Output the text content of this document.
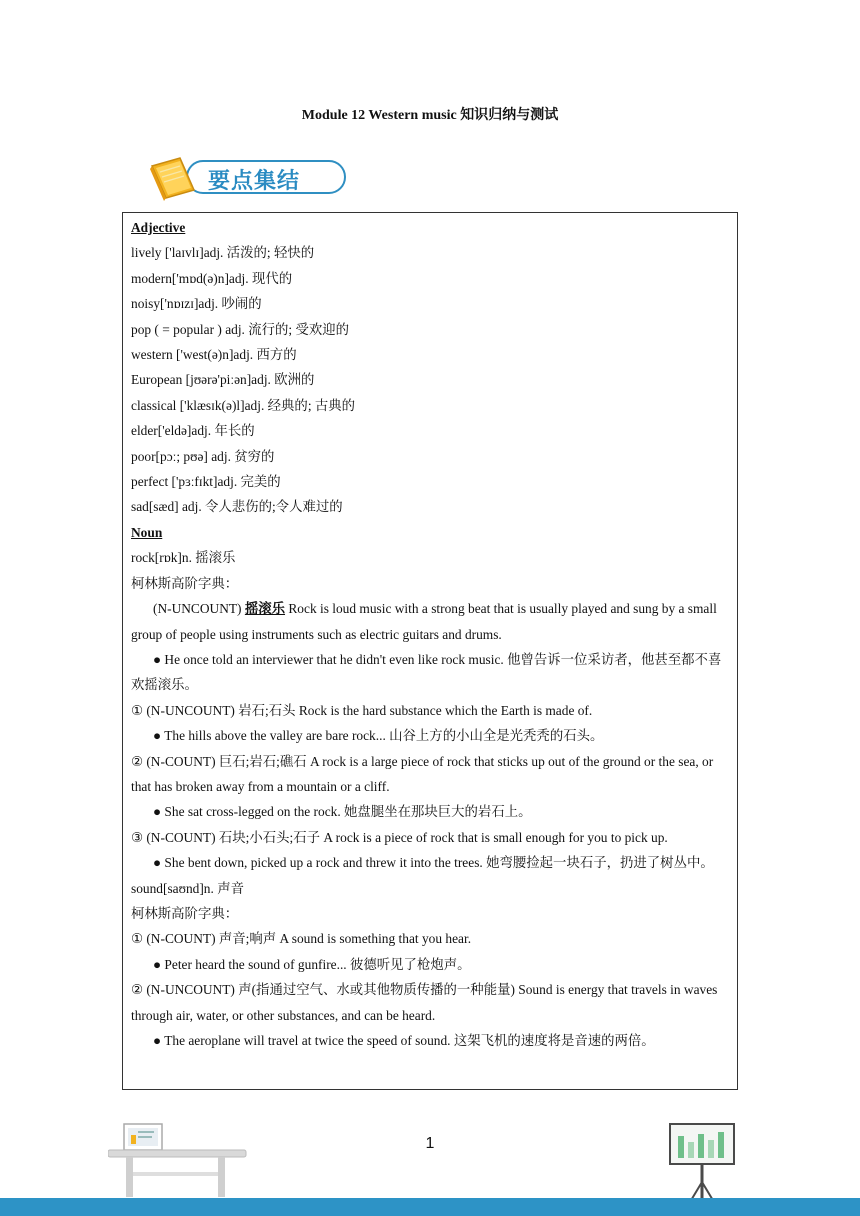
Module 12 Western music 知识归纳与测试
要点集结

Adjective

lively ['laɪvlɪ]adj. 活泼的; 轻快的

modern['mɒd(ə)n]adj. 现代的

noisy['nɒɪzɪ]adj. 吵闹的

pop ( = popular ) adj. 流行的; 受欢迎的

western ['west(ə)n]adj. 西方的

European [jʊərə'piːən]adj. 欧洲的

classical ['klæsɪk(ə)l]adj. 经典的; 古典的

elder['eldə]adj. 年长的

poor[pɔː; pʊə] adj. 贫穷的

perfect ['pɜːfɪkt]adj. 完美的

sad[sæd] adj. 令人悲伤的;令人难过的

Noun

rock[rɒk]n. 摇滚乐

柯林斯高阶字典：

(N-UNCOUNT) 摇滚乐 Rock is loud music with a strong beat that is usually played and sung by a small group of people using instruments such as electric guitars and drums.

● He once told an interviewer that he didn't even like rock music. 他曾告诉一位采访者，他甚至都不喜欢摇滚乐。

① (N-UNCOUNT) 岩石;石头 Rock is the hard substance which the Earth is made of.

● The hills above the valley are bare rock... 山谷上方的小山全是光秃秃的石头。

② (N-COUNT) 巨石;岩石;礁石 A rock is a large piece of rock that sticks up out of the ground or the sea, or that has broken away from a mountain or a cliff.

● She sat cross-legged on the rock. 她盘腿坐在那块巨大的岩石上。

③ (N-COUNT) 石块;小石头;石子 A rock is a piece of rock that is small enough for you to pick up.

● She bent down, picked up a rock and threw it into the trees. 她弯腰捡起一块石子，扔进了树丛中。

sound[saʊnd]n. 声音

柯林斯高阶字典：

① (N-COUNT) 声音;响声 A sound is something that you hear.

● Peter heard the sound of gunfire... 彼德听见了枪炮声。

② (N-UNCOUNT) 声(指通过空气、水或其他物质传播的一种能量) Sound is energy that travels in waves through air, water, or other substances, and can be heard.

● The aeroplane will travel at twice the speed of sound. 这架飞机的速度将是音速的两倍。

1
